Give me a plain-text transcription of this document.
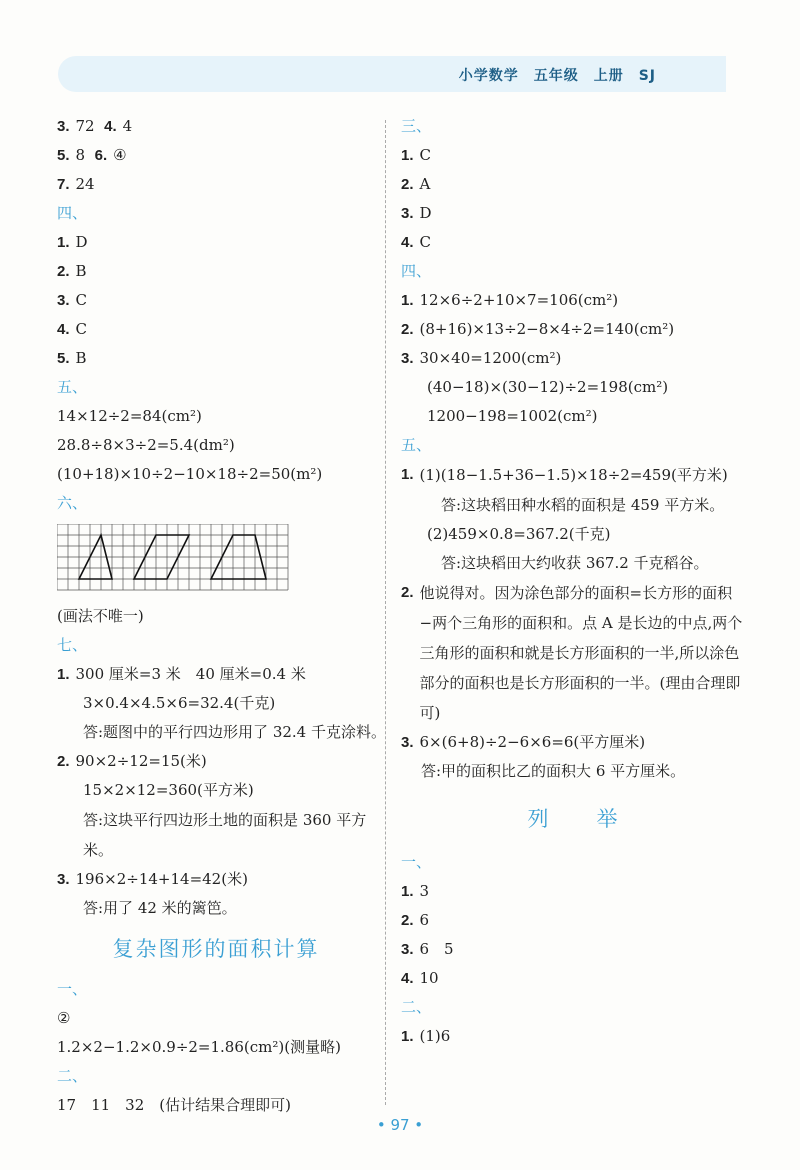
小学数学　五年级　上册　SJ
3. 72 4. 4
5. 8 6. ④
7. 24
四、
1. D
2. B
3. C
4. C
5. B
五、
14×12÷2=84(cm²)
28.8÷8×3÷2=5.4(dm²)
(10+18)×10÷2−10×18÷2=50(m²)
六、
(画法不唯一)
七、
1. 300 厘米=3 米　40 厘米=0.4 米
3×0.4×4.5×6=32.4(千克)
答:题图中的平行四边形用了 32.4 千克涂料。
2. 90×2÷12=15(米)
15×2×12=360(平方米)
答:这块平行四边形土地的面积是 360 平方米。
3. 196×2÷14+14=42(米)
答:用了 42 米的篱笆。
复杂图形的面积计算
一、
②
1.2×2−1.2×0.9÷2=1.86(cm²)(测量略)
二、
17　11　32　(估计结果合理即可)
三、
1. C
2. A
3. D
4. C
四、
1. 12×6÷2+10×7=106(cm²)
2. (8+16)×13÷2−8×4÷2=140(cm²)
3. 30×40=1200(cm²)
(40−18)×(30−12)÷2=198(cm²)
1200−198=1002(cm²)
五、
1. (1)(18−1.5+36−1.5)×18÷2=459(平方米)
答:这块稻田种水稻的面积是 459 平方米。
(2)459×0.8=367.2(千克)
答:这块稻田大约收获 367.2 千克稻谷。
2. 他说得对。因为涂色部分的面积=长方形的面积−两个三角形的面积和。点 A 是长边的中点,两个三角形的面积和就是长方形面积的一半,所以涂色部分的面积也是长方形面积的一半。(理由合理即可)
3. 6×(6+8)÷2−6×6=6(平方厘米)
答:甲的面积比乙的面积大 6 平方厘米。
列　　举
一、
1. 3
2. 6
3. 6　5
4. 10
二、
1. (1)6
• 97 •
